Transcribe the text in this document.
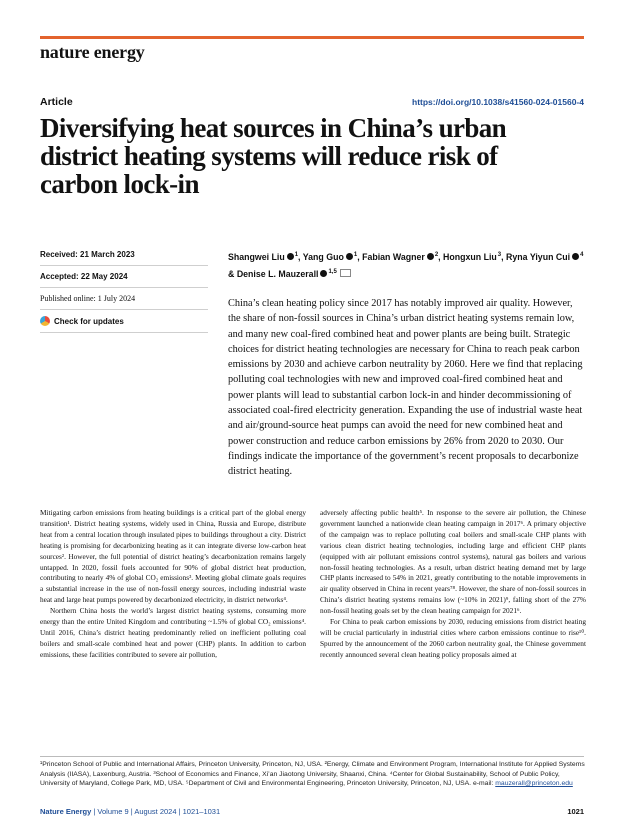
nature energy
Article	https://doi.org/10.1038/s41560-024-01560-4
Diversifying heat sources in China’s urban district heating systems will reduce risk of carbon lock-in
Received: 21 March 2023
Accepted: 22 May 2024
Published online: 1 July 2024
Check for updates
Shangwei Liu $^1$, Yang Guo $^1$, Fabian Wagner $^2$, Hongxun Liu$^3$, Ryna Yiyun Cui $^4$ & Denise L. Mauzerall $^{1,5}$

China’s clean heating policy since 2017 has notably improved air quality. However, the share of non-fossil sources in China’s urban district heating systems remain low, and many new coal-fired combined heat and power plants are being built. Strategic choices for district heating technologies are necessary for China to reach peak carbon emissions by 2030 and achieve carbon neutrality by 2060. Here we find that replacing polluting coal technologies with new and improved coal-fired combined heat and power plants will lead to substantial carbon lock-in and hinder decommissioning of associated coal-fired electricity generation. Expanding the use of industrial waste heat and air/ground-source heat pumps can avoid the need for new combined heat and power construction and reduce carbon emissions by 26% from 2020 to 2030. Our findings indicate the importance of the government’s recent proposals to decarbonize district heating.

Mitigating carbon emissions from heating buildings is a critical part of the global energy transition¹. District heating systems, widely used in China, Russia and Europe, distribute heat from a central location through insulated pipes to buildings throughout a city. District heating is promising for decarbonizing heating as it can integrate diverse low-carbon heat sources². However, the full potential of district heating’s decarbonization remains largely untapped. In 2020, fossil fuels accounted for 90% of global district heat production, contributing to nearly 4% of global CO₂ emissions³. Meeting global climate goals requires a substantial increase in the use of non-fossil energy sources, including industrial waste heat and large heat pumps powered by decarbonized electricity, in district networks⁴.

Northern China hosts the world’s largest district heating systems, consuming more energy than the entire United Kingdom and contributing ~1.5% of global CO₂ emissions⁴. Until 2016, China’s district heating predominantly relied on inefficient polluting coal boilers and small-scale combined heat and power (CHP) plants. In addition to carbon emissions, these facilities contributed to severe air pollution,

adversely affecting public health⁵. In response to the severe air pollution, the Chinese government launched a nationwide clean heating campaign in 2017⁶. A primary objective of the campaign was to replace polluting coal boilers and small-scale CHP plants with various clean district heating technologies, including large and efficient CHP plants (equipped with air pollutant emissions control systems), natural gas boilers and various non-fossil heating technologies. As a result, urban district heating demand met by large CHP plants increased to 54% in 2021, greatly contributing to the notable improvements in air quality observed in China in recent years⁷⁸. However, the share of non-fossil sources in China’s district heating systems remains low (~10% in 2021)⁹, falling short of the 27% non-fossil heating goals set by the clean heating campaign for 2021⁶.

For China to peak carbon emissions by 2030, reducing emissions from district heating will be crucial particularly in industrial cities where carbon emissions continue to rise¹⁰. Spurred by the announcement of the 2060 carbon neutrality goal, the Chinese government recently announced several clean heating policy proposals aimed at

¹Princeton School of Public and International Affairs, Princeton University, Princeton, NJ, USA. ²Energy, Climate and Environment Program, International Institute for Applied Systems Analysis (IIASA), Laxenburg, Austria. ³School of Economics and Finance, Xi’an Jiaotong University, Shaanxi, China. ⁴Center for Global Sustainability, School of Public Policy, University of Maryland, College Park, MD, USA. ⁵Department of Civil and Environmental Engineering, Princeton University, Princeton, NJ, USA. e-mail: mauzerall@princeton.edu

Nature Energy | Volume 9 | August 2024 | 1021–1031	1021
